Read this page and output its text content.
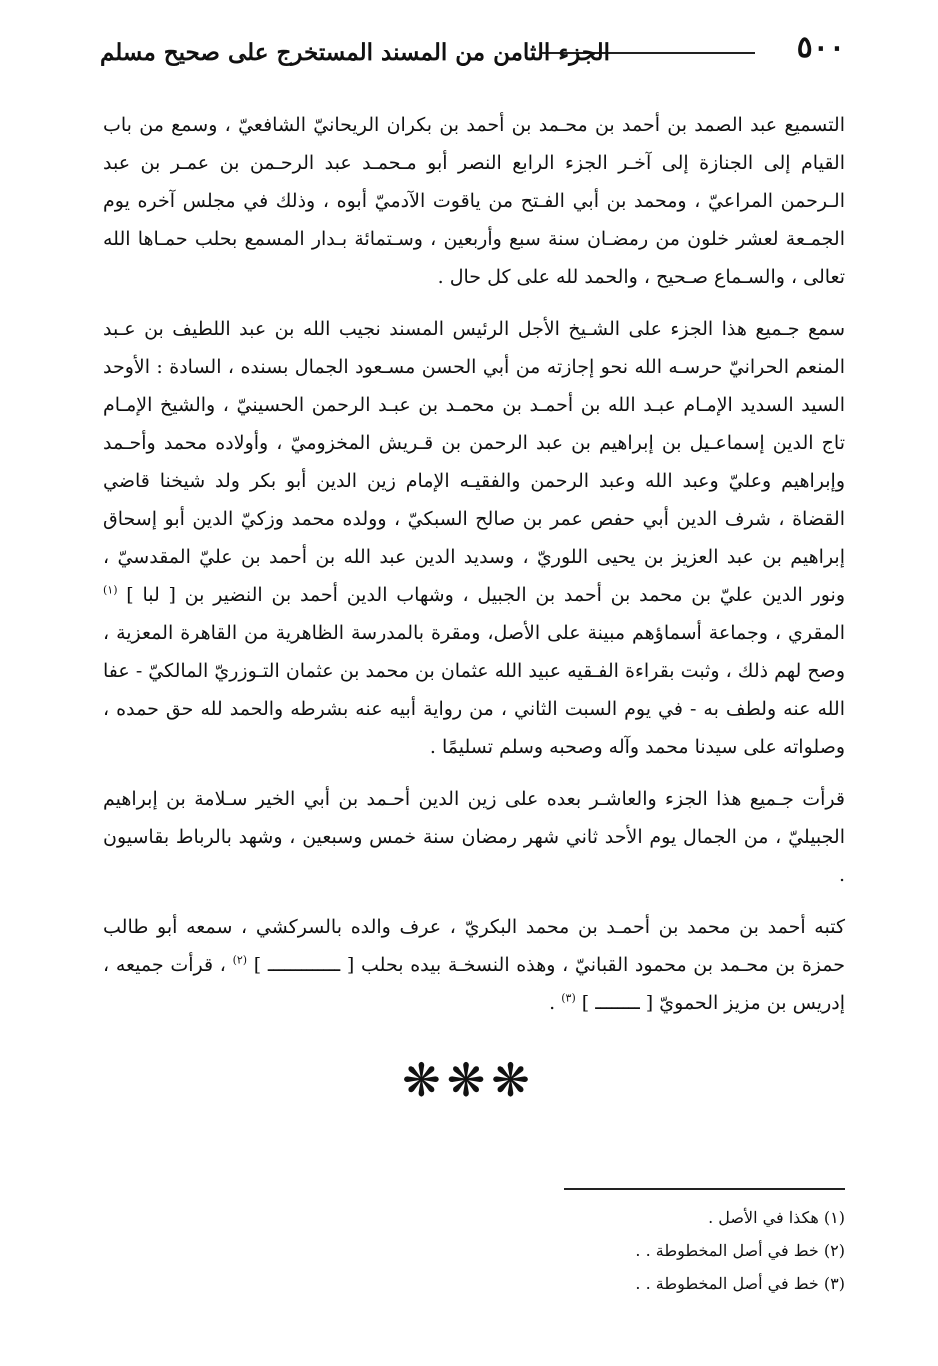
٥٠٠
الجزء الثامن من المسند المستخرج على صحيح مسلم

التسميع عبد الصمد بن أحمد بن محـمد بن أحمد بن بكران الريحانيّ الشافعيّ ، وسمع من باب القيام إلى الجنازة إلى آخـر الجزء الرابع النصر أبو مـحمـد عبد الرحـمن بن عمـر بن عبد الـرحمن المراعيّ ، ومحمد بن أبي الفـتح من ياقوت الآدميّ أبوه ، وذلك في مجلس آخره يوم الجمـعة لعشر خلون من رمضـان سنة سبع وأربعين ، وسـتمائة بـدار المسمع بحلب حمـاها الله تعالى ، والسـماع صـحيح ، والحمد لله على كل حال .

سمع جـميع هذا الجزء على الشـيخ الأجل الرئيس المسند نجيب الله بن عبد اللطيف بن عـبد المنعم الحرانيّ حرسـه الله نحو إجازته من أبي الحسن مسـعود الجمال بسنده ، السادة : الأوحد السيد السديد الإمـام عبـد الله بن أحمـد بن محمـد بن عبـد الرحمن الحسينيّ ، والشيخ الإمـام تاج الدين إسماعـيل بن إبراهيم بن عبد الرحمن بن قـريش المخزوميّ ، وأولاده محمد وأحـمد وإبراهيم وعليّ وعبد الله وعبد الرحمن والفقيـه الإمام زين الدين أبو بكر ولد شيخنا قاضي القضاة ، شرف الدين أبي حفص عمر بن صالح السبكيّ ، وولده محمد وزكيّ الدين أبو إسحاق إبراهيم بن عبد العزيز بن يحيى اللوريّ ، وسديد الدين عبد الله بن أحمد بن عليّ المقدسيّ ، ونور الدين عليّ بن محمد بن أحمد بن الجبيل ، وشهاب الدين أحمد بن النضير بن [ لبا ] $^{(١)}$ المقري ، وجماعة أسماؤهم مبينة على الأصل، ومقرة بالمدرسة الظاهرية من القاهرة المعزية ، وصح لهم ذلك ، وثبت بقراءة الفـقيه عبيد الله عثمان بن محمد بن عثمان التـوزريّ المالكيّ - عفا الله عنه ولطف به - في يوم السبت الثاني ، من رواية أبيه عنه بشرطه والحمد لله حق حمده ، وصلواته على سيدنا محمد وآله وصحبه وسلم تسليمًا .

قرأت جـميع هذا الجزء والعاشـر بعده على زين الدين أحـمد بن أبي الخير سـلامة بن إبراهيم الجبيليّ ، من الجمال يوم الأحد ثاني شهر رمضان سنة خمس وسبعين ، وشهد بالرباط بقاسيون .

كتبه أحمد بن محمد بن أحمـد بن محمد البكريّ ، عرف والده بالسركشي ، سمعه أبو طالب حمزة بن محـمد بن محمود القبانيّ ، وهذه النسخـة بيده بحلب [ ـــــــــــــ ] $^{(٢)}$ ، قرأت جميعه ، إدريس بن مزيز الحمويّ [ ــــــــ ] $^{(٣)}$ .

❋❋❋

(١) هكذا في الأصل .

(٢) خط في أصل المخطوطة . .

(٣) خط في أصل المخطوطة . .
